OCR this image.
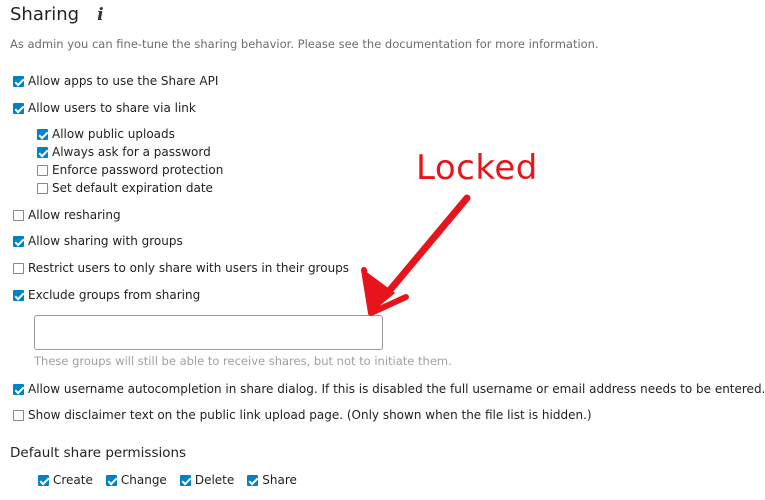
Sharing i
As admin you can fine-tune the sharing behavior. Please see the documentation for more information.
Allow apps to use the Share API
Allow users to share via link
Allow public uploads
Always ask for a password
Enforce password protection
Set default expiration date
Allow resharing
Allow sharing with groups
Restrict users to only share with users in their groups
Exclude groups from sharing
These groups will still be able to receive shares, but not to initiate them.
Allow username autocompletion in share dialog. If this is disabled the full username or email address needs to be entered.
Show disclaimer text on the public link upload page. (Only shown when the file list is hidden.)
Default share permissions
Create Change Delete Share
Locked
